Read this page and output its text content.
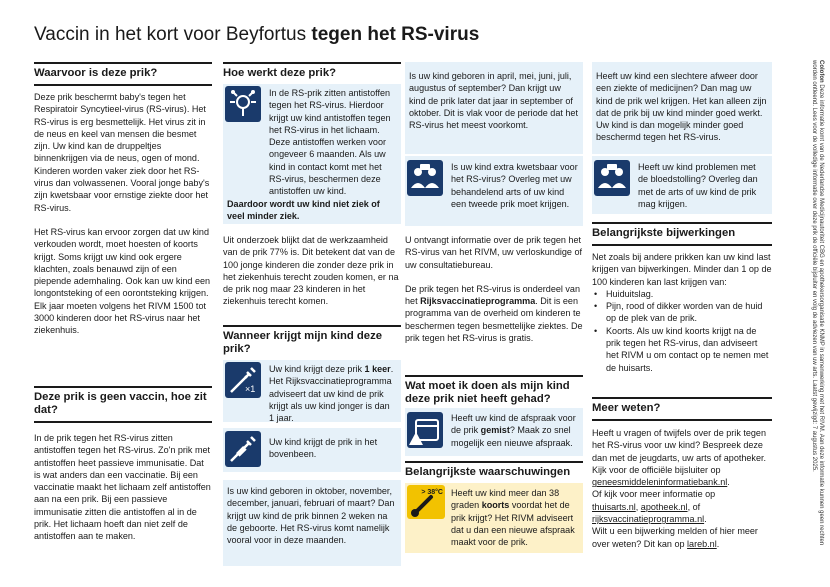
Vaccin in het kort voor Beyfortus tegen het RS-virus
Waarvoor is deze prik?
Deze prik beschermt baby's tegen het Respiratoir Syncytieel-virus (RS-virus). Het RS-virus is erg besmettelijk. Het virus zit in de neus en keel van mensen die besmet zijn. Uw kind kan de druppeltjes binnenkrijgen via de neus, ogen of mond. Kinderen worden vaker ziek door het RS-virus dan volwassenen. Vooral jonge baby's zijn kwetsbaar voor ernstige ziekte door het RS-virus.
Het RS-virus kan ervoor zorgen dat uw kind verkouden wordt, moet hoesten of koorts krijgt. Soms krijgt uw kind ook ergere klachten, zoals benauwd zijn of een piepende ademhaling. Ook kan uw kind een longontsteking of een oorontsteking krijgen. Elk jaar moeten volgens het RIVM 1500 tot 3000 kinderen door het RS-virus naar het ziekenhuis.
Deze prik is geen vaccin, hoe zit dat?
In de prik tegen het RS-virus zitten antistoffen tegen het RS-virus. Zo'n prik met antistoffen heet passieve immunisatie. Dat is wat anders dan een vaccinatie. Bij een vaccinatie maakt het lichaam zelf antistoffen aan na een prik. Bij een passieve immunisatie zitten die antistoffen al in de prik. Het lichaam hoeft dan niet zelf de antistoffen aan te maken.
Hoe werkt deze prik?
In de RS-prik zitten antistoffen tegen het RS-virus. Hierdoor krijgt uw kind antistoffen tegen het RS-virus in het lichaam. Deze antistoffen werken voor ongeveer 6 maanden. Als uw kind in contact komt met het RS-virus, beschermen deze antistoffen uw kind.
Daardoor wordt uw kind niet ziek of veel minder ziek.
Uit onderzoek blijkt dat de werkzaamheid van de prik 77% is. Dit betekent dat van de 100 jonge kinderen die zonder deze prik in het ziekenhuis terecht zouden komen, er na de prik nog maar 23 kinderen in het ziekenhuis terecht komen.
Wanneer krijgt mijn kind deze prik?
×1
Uw kind krijgt deze prik 1 keer. Het Rijksvaccinatieprogramma adviseert dat uw kind de prik krijgt als uw kind jonger is dan 1 jaar.
Uw kind krijgt de prik in het bovenbeen.
Is uw kind geboren in oktober, november, december, januari, februari of maart? Dan krijgt uw kind de prik binnen 2 weken na de geboorte. Het RS-virus komt namelijk vooral voor in deze maanden.
Is uw kind geboren in april, mei, juni, juli, augustus of september? Dan krijgt uw kind de prik later dat jaar in september of oktober. Dit is vlak voor de periode dat het RS-virus het meest voorkomt.
Is uw kind extra kwetsbaar voor het RS-virus? Overleg met uw behandelend arts of uw kind een tweede prik moet krijgen.
U ontvangt informatie over de prik tegen het RS-virus van het RIVM, uw verloskundige of uw consultatiebureau.
De prik tegen het RS-virus is onderdeel van het Rijksvaccinatieprogramma. Dit is een programma van de overheid om kinderen te beschermen tegen besmettelijke ziektes. De prik tegen het RS-virus is gratis.
Wat moet ik doen als mijn kind deze prik niet heeft gehad?
Heeft uw kind de afspraak voor de prik gemist? Maak zo snel mogelijk een nieuwe afspraak.
Belangrijkste waarschuwingen
> 38°C Heeft uw kind meer dan 38 graden koorts voordat het de prik krijgt? Het RIVM adviseert dat u dan een nieuwe afspraak maakt voor de prik.
Heeft uw kind een slechtere afweer door een ziekte of medicijnen? Dan mag uw kind de prik wel krijgen. Het kan alleen zijn dat de prik bij uw kind minder goed werkt. Uw kind is dan mogelijk minder goed beschermd tegen het RS-virus.
Heeft uw kind problemen met de bloedstolling? Overleg dan met de arts of uw kind de prik mag krijgen.
Belangrijkste bijwerkingen
Net zoals bij andere prikken kan uw kind last krijgen van bijwerkingen. Minder dan 1 op de 100 kinderen kan last krijgen van:
• Huiduitslag.
• Pijn, rood of dikker worden van de huid op de plek van de prik.
• Koorts. Als uw kind koorts krijgt na de prik tegen het RS-virus, dan adviseert het RIVM u om contact op te nemen met de huisarts.
Meer weten?
Heeft u vragen of twijfels over de prik tegen het RS-virus voor uw kind? Bespreek deze dan met de jeugdarts, uw arts of apotheker.
Kijk voor de officiële bijsluiter op
geneesmiddeleninformatiebank.nl.
Of kijk voor meer informatie op
thuisarts.nl, apotheek.nl, of
rijksvaccinatieprogramma.nl.
Wilt u een bijwerking melden of hier meer over weten? Dit kan op lareb.nl.
Colofon Deze informatie komt van de Nederlandse Medicijnautoriteit CBG en apothekersorganisatie KNMP in samenwerking met het RIVM. Aan deze informatie kunnen geen rechten worden ontleend. Lees voor de volledige informatie over deze prik de officiële bijsluiter en volg de adviezen van uw arts. Laatst gewijzigd: 7 augustus 2025.
